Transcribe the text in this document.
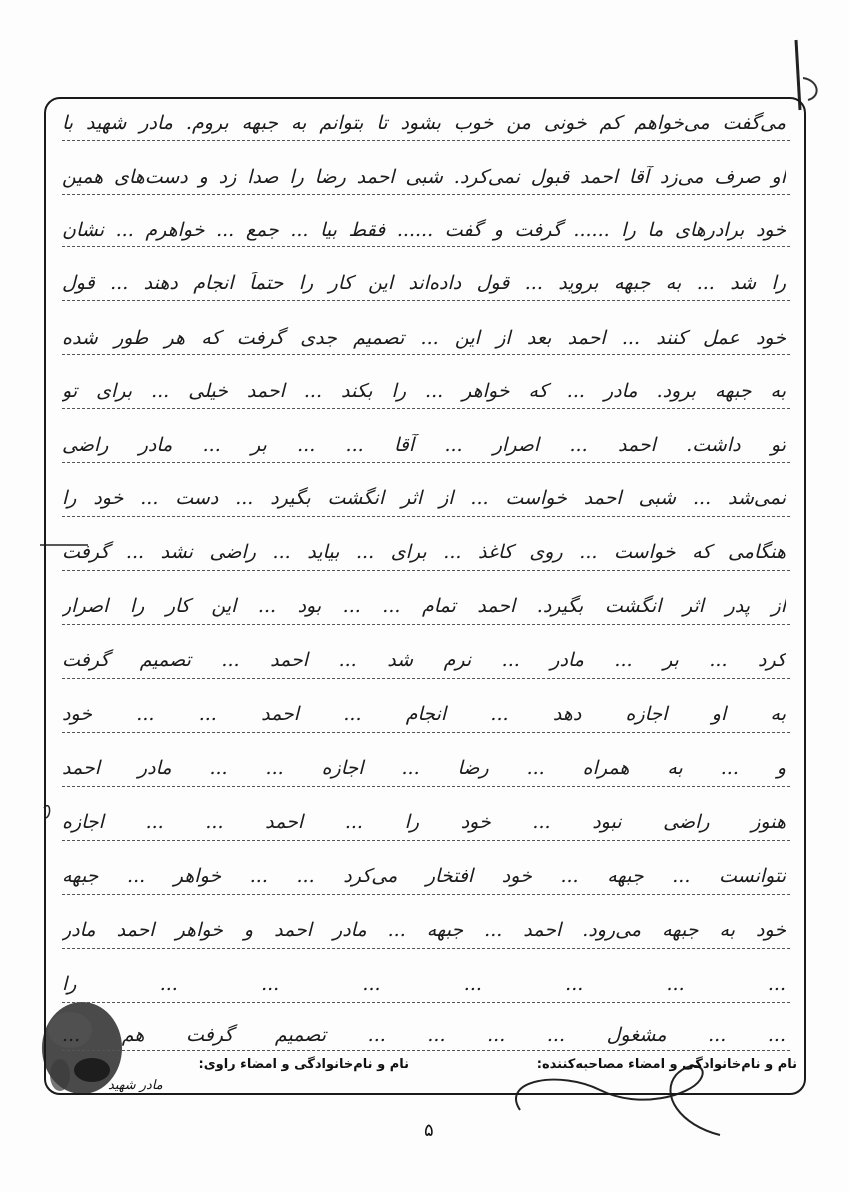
می‌گفت می‌خواهم کم خونی من خوب بشود تا بتوانم به جبهه بروم. مادر شهید با
او صرف می‌زد آقا احمد قبول نمی‌کرد. شبی احمد رضا را صدا زد و دست‌های همین
خود برادرهای ما را ...... گرفت و گفت ...... فقط بیا ... جمع ... خواهرم ... نشان
را شد ... به جبهه بروید ... قول داده‌اند این کار را حتماً انجام دهند ... قول
خود عمل کنند ... احمد بعد از این ... تصمیم جدی گرفت که هر طور شده
به جبهه برود. مادر ... که خواهر ... را بکند ... احمد خیلی ... برای تو
تو داشت. احمد ... اصرار ... آقا ... ... بر ... مادر راضی
نمی‌شد ... شبی احمد خواست ... از اثر انگشت بگیرد ... دست ... خود را
هنگامی که خواست ... روی کاغذ ... برای ... بیاید ... راضی نشد ... گرفت
از پدر اثر انگشت بگیرد. احمد تمام ... ... بود ... این کار را اصرار
کرد ... بر ... مادر ... نرم شد ... احمد ... تصمیم گرفت
به او اجازه دهد ... انجام ... احمد ... ... خود
و ... به همراه ... رضا ... اجازه ... ... مادر احمد
هنوز راضی نبود ... خود را ... احمد ... ... اجازه
نتوانست ... جبهه ... خود افتخار می‌کرد ... ... خواهر ... جبهه
خود به جبهه می‌رود. احمد ... جبهه ... مادر احمد و خواهر احمد مادر
... ... ... ... ... ... ... را
... ... مشغول ... ... ... ... تصمیم گرفت هم ...
نام و نام‌خانوادگی و امضاء مصاحبه‌کننده:
نام و نام‌خانوادگی و امضاء راوی:
مادر شهید
۵
